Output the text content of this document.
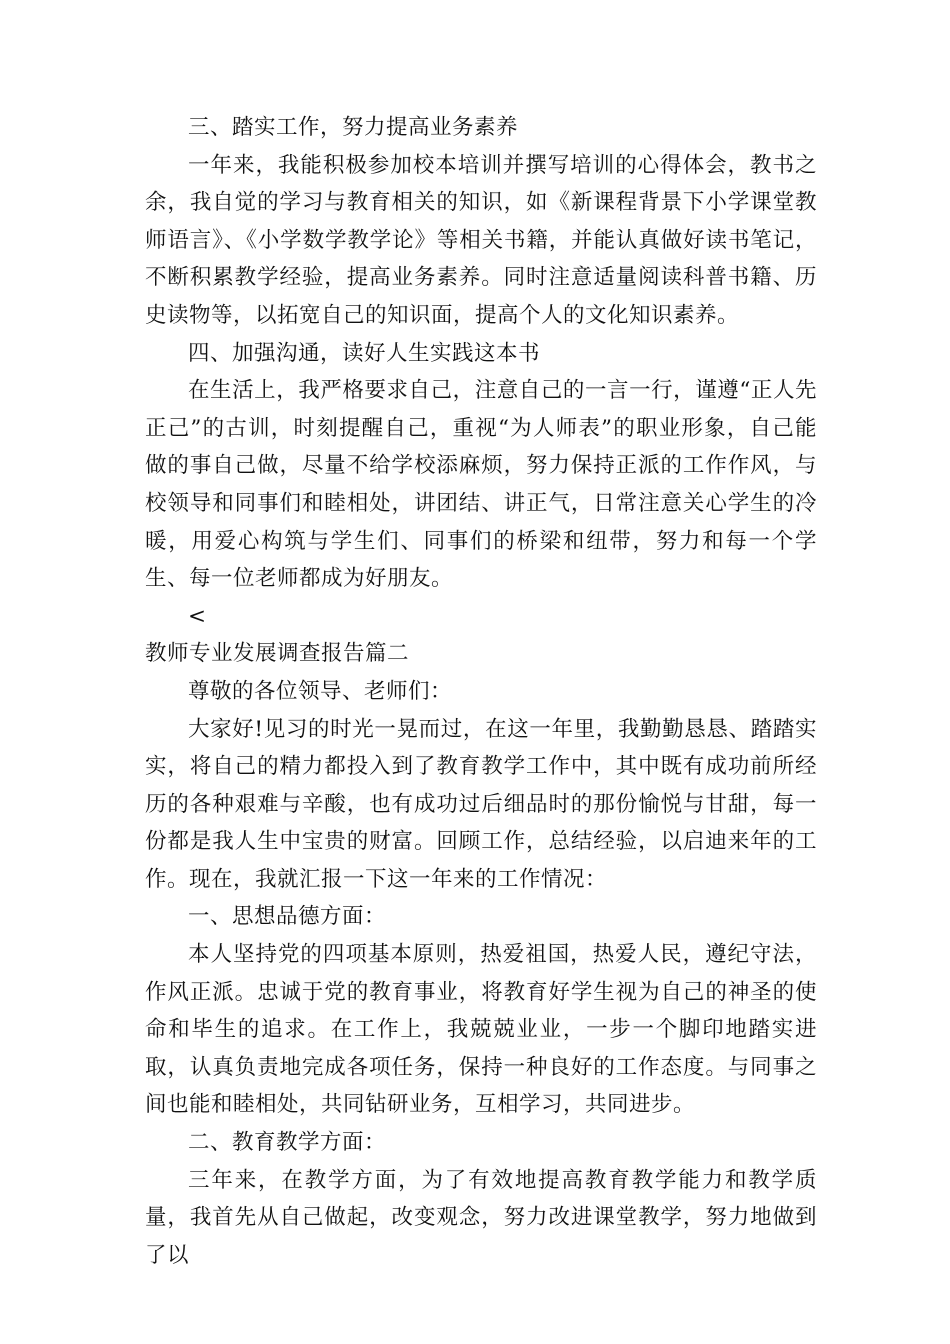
三、踏实工作，努力提高业务素养

一年来，我能积极参加校本培训并撰写培训的心得体会，教书之余，我自觉的学习与教育相关的知识，如《新课程背景下小学课堂教师语言》、《小学数学教学论》等相关书籍，并能认真做好读书笔记，不断积累教学经验，提高业务素养。同时注意适量阅读科普书籍、历史读物等，以拓宽自己的知识面，提高个人的文化知识素养。

四、加强沟通，读好人生实践这本书

在生活上，我严格要求自己，注意自己的一言一行，谨遵“正人先正己”的古训，时刻提醒自己，重视“为人师表”的职业形象，自己能做的事自己做，尽量不给学校添麻烦，努力保持正派的工作作风，与校领导和同事们和睦相处，讲团结、讲正气，日常注意关心学生的冷暖，用爱心构筑与学生们、同事们的桥梁和纽带，努力和每一个学生、每一位老师都成为好朋友。

<

教师专业发展调查报告篇二

尊敬的各位领导、老师们：

大家好!见习的时光一晃而过，在这一年里，我勤勤恳恳、踏踏实实，将自己的精力都投入到了教育教学工作中，其中既有成功前所经历的各种艰难与辛酸，也有成功过后细品时的那份愉悦与甘甜，每一份都是我人生中宝贵的财富。回顾工作，总结经验，以启迪来年的工作。现在，我就汇报一下这一年来的工作情况：

一、思想品德方面：

本人坚持党的四项基本原则，热爱祖国，热爱人民，遵纪守法，作风正派。忠诚于党的教育事业，将教育好学生视为自己的神圣的使命和毕生的追求。在工作上，我兢兢业业，一步一个脚印地踏实进取，认真负责地完成各项任务，保持一种良好的工作态度。与同事之间也能和睦相处，共同钻研业务，互相学习，共同进步。

二、教育教学方面：

三年来，在教学方面，为了有效地提高教育教学能力和教学质量，我首先从自己做起，改变观念，努力改进课堂教学，努力地做到了以
